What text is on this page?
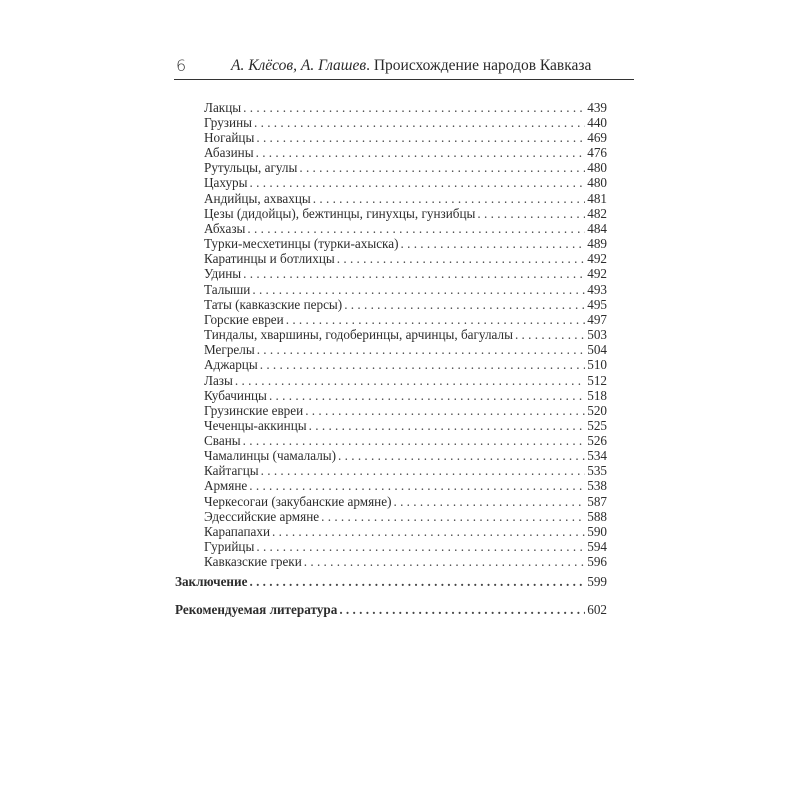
6	А. Клёсов, А. Глашев. Происхождение народов Кавказа
Лакцы . . .	439
Грузины . . .	440
Ногайцы . . .	469
Абазины . . .	476
Рутульцы, агулы . . .	480
Цахуры . . .	480
Андийцы, ахвахцы . . .	481
Цезы (дидойцы), бежтинцы, гинухцы, гунзибцы . . .	482
Абхазы . . .	484
Турки-месхетинцы (турки-ахыска) . . .	489
Каратинцы и ботлихцы . . .	492
Удины . . .	492
Талыши . . .	493
Таты (кавказские персы) . . .	495
Горские евреи . . .	497
Тиндалы, хваршины, годоберинцы, арчинцы, багулалы . . .	503
Мегрелы . . .	504
Аджарцы . . .	510
Лазы . . .	512
Кубачинцы . . .	518
Грузинские евреи . . .	520
Чеченцы-аккинцы . . .	525
Сваны . . .	526
Чамалинцы (чамалалы) . . .	534
Кайтагцы . . .	535
Армяне . . .	538
Черкесогаи (закубанские армяне) . . .	587
Эдессийские армяне . . .	588
Карапапахи . . .	590
Гурийцы . . .	594
Кавказские греки . . .	596
Заключение . . .	599
Рекомендуемая литература . . .	602
